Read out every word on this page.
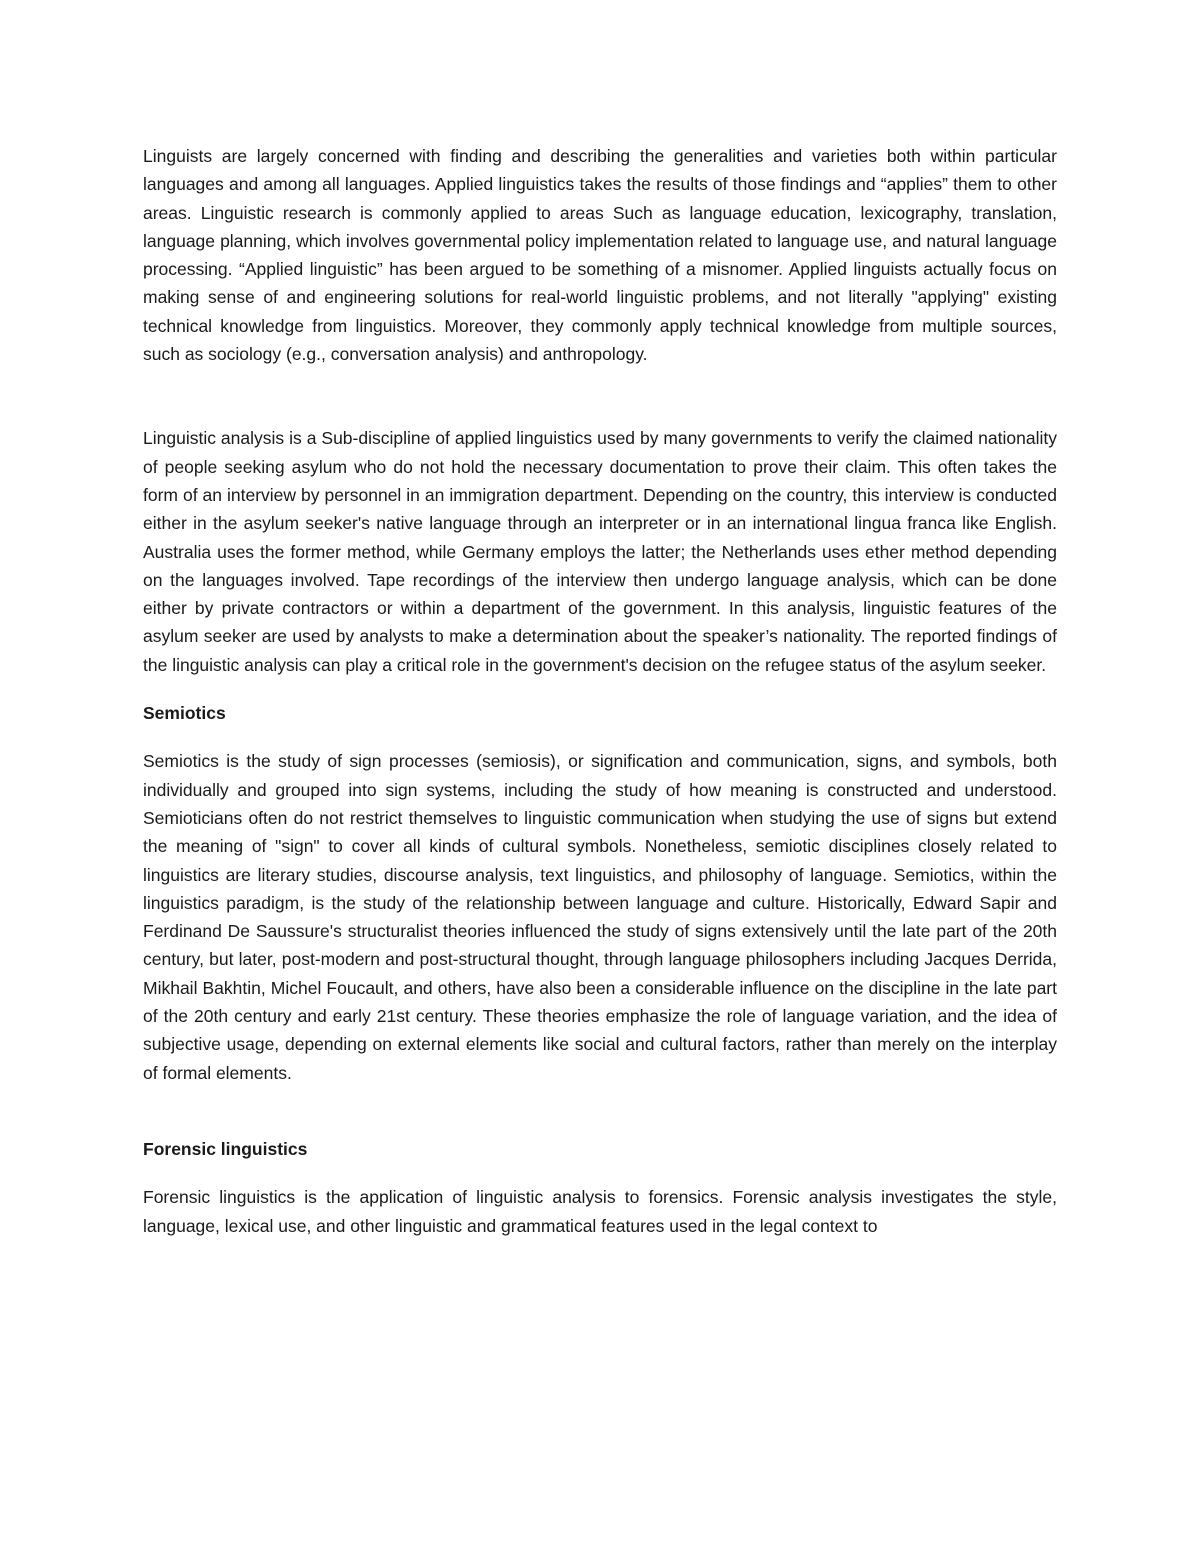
Linguists are largely concerned with finding and describing the generalities and varieties both within particular languages and among all languages. Applied linguistics takes the results of those findings and “applies” them to other areas. Linguistic research is commonly applied to areas Such as language education, lexicography, translation, language planning, which involves governmental policy implementation related to language use, and natural language processing. “Applied linguistic” has been argued to be something of a misnomer. Applied linguists actually focus on making sense of and engineering solutions for real-world linguistic problems, and not literally "applying" existing technical knowledge from linguistics. Moreover, they commonly apply technical knowledge from multiple sources, such as sociology (e.g., conversation analysis) and anthropology.

Linguistic analysis is a Sub-discipline of applied linguistics used by many governments to verify the claimed nationality of people seeking asylum who do not hold the necessary documentation to prove their claim. This often takes the form of an interview by personnel in an immigration department. Depending on the country, this interview is conducted either in the asylum seeker's native language through an interpreter or in an international lingua franca like English. Australia uses the former method, while Germany employs the latter; the Netherlands uses ether method depending on the languages involved. Tape recordings of the interview then undergo language analysis, which can be done either by private contractors or within a department of the government. In this analysis, linguistic features of the asylum seeker are used by analysts to make a determination about the speaker’s nationality. The reported findings of the linguistic analysis can play a critical role in the government's decision on the refugee status of the asylum seeker.

Semiotics

Semiotics is the study of sign processes (semiosis), or signification and communication, signs, and symbols, both individually and grouped into sign systems, including the study of how meaning is constructed and understood. Semioticians often do not restrict themselves to linguistic communication when studying the use of signs but extend the meaning of "sign" to cover all kinds of cultural symbols. Nonetheless, semiotic disciplines closely related to linguistics are literary studies, discourse analysis, text linguistics, and philosophy of language. Semiotics, within the linguistics paradigm, is the study of the relationship between language and culture. Historically, Edward Sapir and Ferdinand De Saussure's structuralist theories influenced the study of signs extensively until the late part of the 20th century, but later, post-modern and post-structural thought, through language philosophers including Jacques Derrida, Mikhail Bakhtin, Michel Foucault, and others, have also been a considerable influence on the discipline in the late part of the 20th century and early 21st century. These theories emphasize the role of language variation, and the idea of subjective usage, depending on external elements like social and cultural factors, rather than merely on the interplay of formal elements.

Forensic linguistics

Forensic linguistics is the application of linguistic analysis to forensics. Forensic analysis investigates the style, language, lexical use, and other linguistic and grammatical features used in the legal context to
